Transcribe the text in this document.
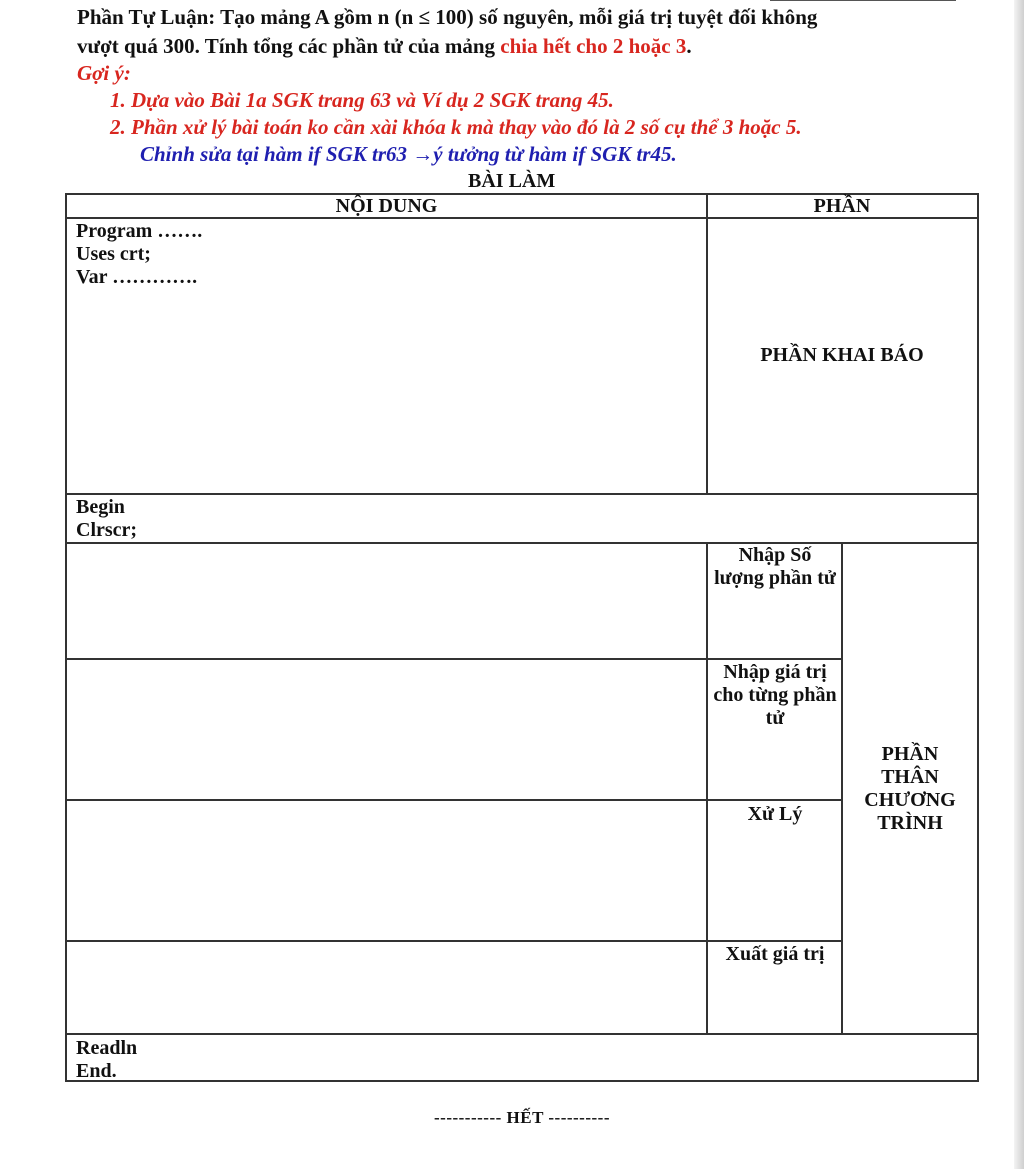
Phần Tự Luận: Tạo mảng A gồm n (n ≤ 100) số nguyên, mỗi giá trị tuyệt đối không
vượt quá 300. Tính tổng các phần tử của mảng chia hết cho 2 hoặc 3.
Gợi ý:
1. Dựa vào Bài 1a SGK trang 63 và Ví dụ 2 SGK trang 45.
2. Phần xử lý bài toán ko cần xài khóa k mà thay vào đó là 2 số cụ thể 3 hoặc 5.
Chỉnh sửa tại hàm if SGK tr63 →ý tưởng từ hàm if SGK tr45.
BÀI LÀM
NỘI DUNG	PHẦN
Program …….
Uses crt;
Var ………….
PHẦN KHAI BÁO
Begin
Clrscr;
Nhập Số lượng phần tử
Nhập giá trị cho từng phần tử
Xử Lý
Xuất giá trị
PHẦN THÂN CHƯƠNG TRÌNH
Readln
End.
----------- HẾT ----------
